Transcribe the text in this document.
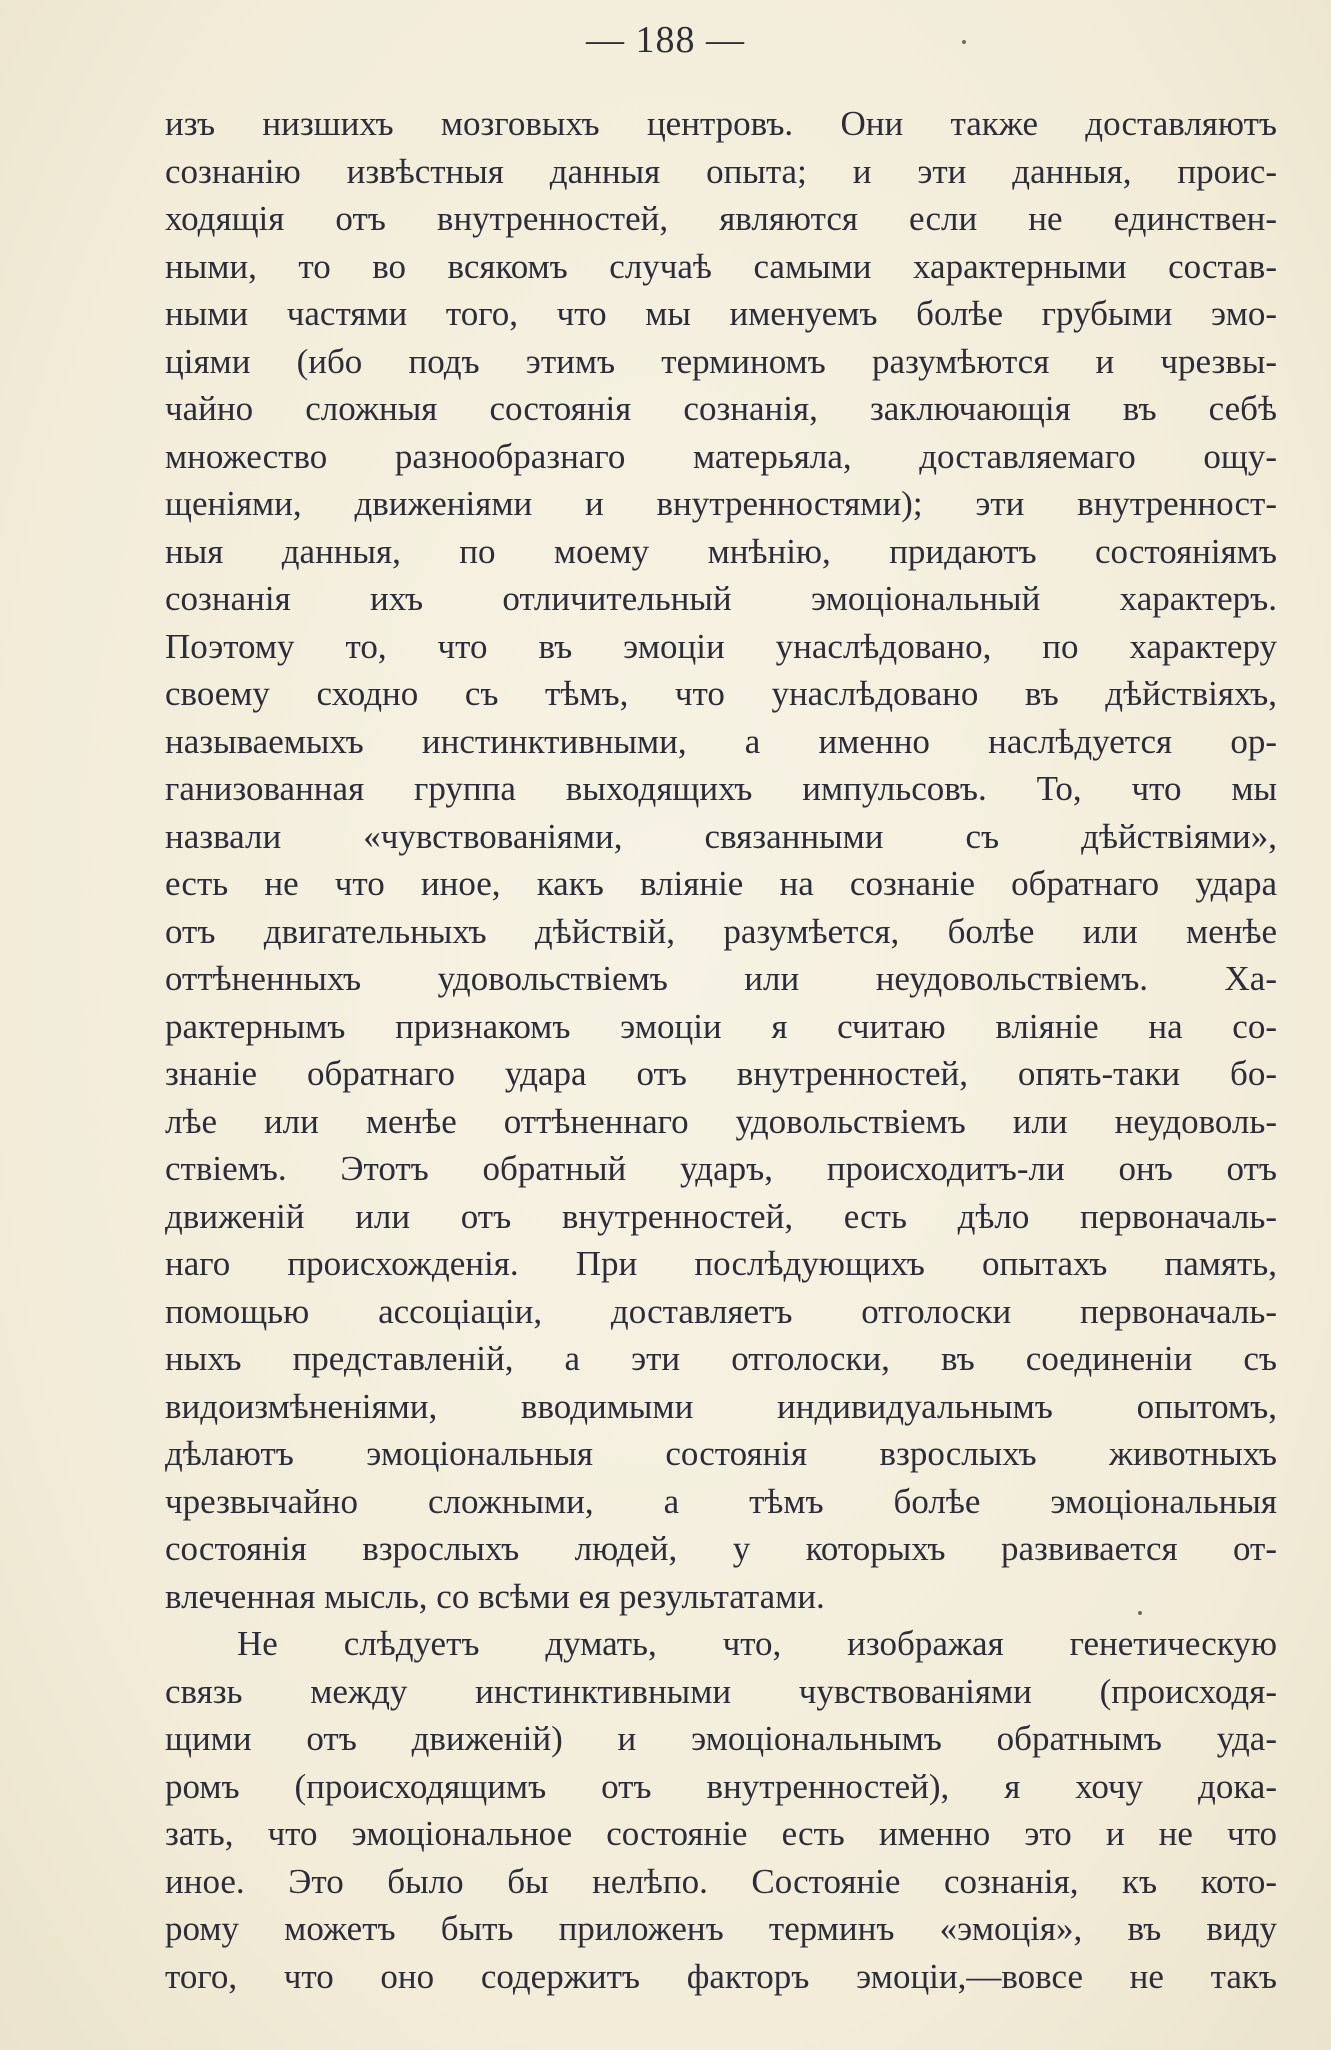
— 188 —
изъ низшихъ мозговыхъ центровъ. Они также доставляютъ
сознанію извѣстныя данныя опыта; и эти данныя, проис-
ходящія отъ внутренностей, являются если не единствен-
ными, то во всякомъ случаѣ самыми характерными состав-
ными частями того, что мы именуемъ болѣе грубыми эмо-
ціями (ибо подъ этимъ терминомъ разумѣются и чрезвы-
чайно сложныя состоянія сознанія, заключающія въ себѣ
множество разнообразнаго матерьяла, доставляемаго ощу-
щеніями, движеніями и внутренностями); эти внутренност-
ныя данныя, по моему мнѣнію, придаютъ состояніямъ
сознанія ихъ отличительный эмоціональный характеръ.
Поэтому то, что въ эмоціи унаслѣдовано, по характеру
своему сходно съ тѣмъ, что унаслѣдовано въ дѣйствіяхъ,
называемыхъ инстинктивными, а именно наслѣдуется ор-
ганизованная группа выходящихъ импульсовъ. То, что мы
назвали «чувствованіями, связанными съ дѣйствіями»,
есть не что иное, какъ вліяніе на сознаніе обратнаго удара
отъ двигательныхъ дѣйствій, разумѣется, болѣе или менѣе
оттѣненныхъ удовольствіемъ или неудовольствіемъ. Ха-
рактернымъ признакомъ эмоціи я считаю вліяніе на со-
знаніе обратнаго удара отъ внутренностей, опять-таки бо-
лѣе или менѣе оттѣненнаго удовольствіемъ или неудоволь-
ствіемъ. Этотъ обратный ударъ, происходитъ-ли онъ отъ
движеній или отъ внутренностей, есть дѣло первоначаль-
наго происхожденія. При послѣдующихъ опытахъ память,
помощью ассоціаціи, доставляетъ отголоски первоначаль-
ныхъ представленій, а эти отголоски, въ соединеніи съ
видоизмѣненіями, вводимыми индивидуальнымъ опытомъ,
дѣлаютъ эмоціональныя состоянія взрослыхъ животныхъ
чрезвычайно сложными, а тѣмъ болѣе эмоціональныя
состоянія взрослыхъ людей, у которыхъ развивается от-
влеченная мысль, со всѣми ея результатами.
Не слѣдуетъ думать, что, изображая генетическую
связь между инстинктивными чувствованіями (происходя-
щими отъ движеній) и эмоціональнымъ обратнымъ уда-
ромъ (происходящимъ отъ внутренностей), я хочу дока-
зать, что эмоціональное состояніе есть именно это и не что
иное. Это было бы нелѣпо. Состояніе сознанія, къ кото-
рому можетъ быть приложенъ терминъ «эмоція», въ виду
того, что оно содержитъ факторъ эмоціи,—вовсе не такъ
